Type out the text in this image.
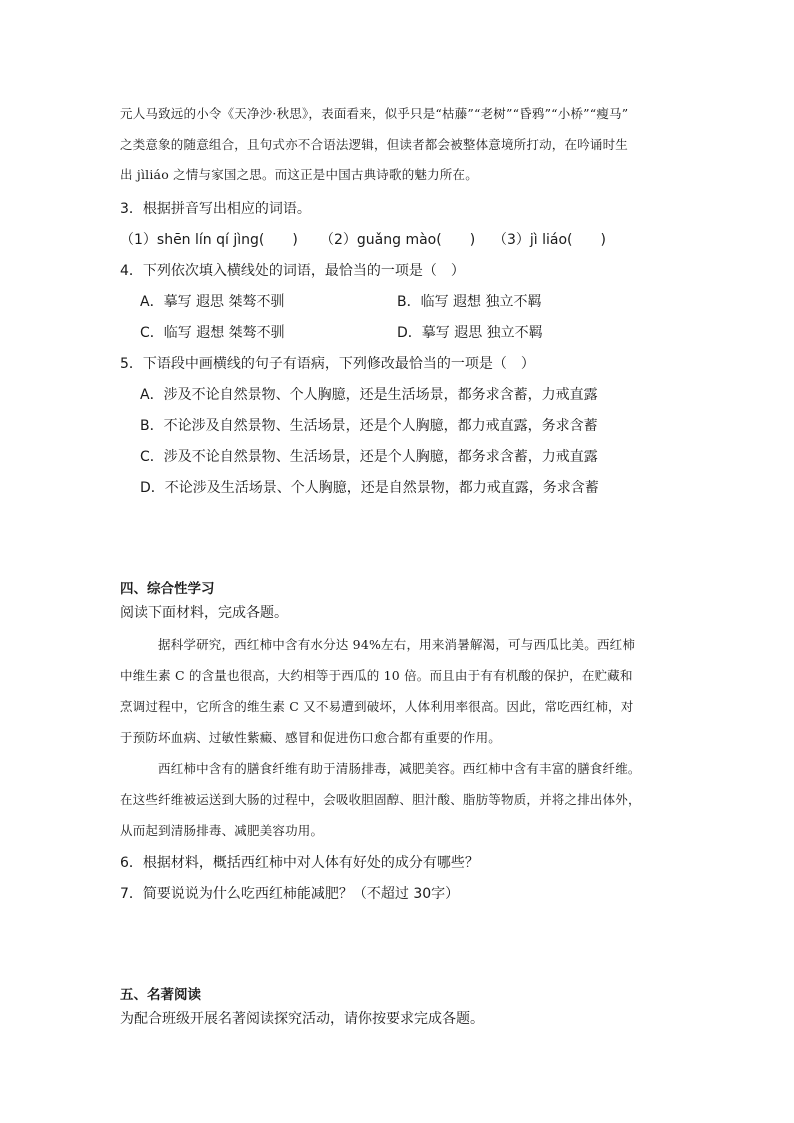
元人马致远的小令《天净沙·秋思》，表面看来，似乎只是“枯藤”“老树”“昏鸦”“小桥”“瘦马”
之类意象的随意组合，且句式亦不合语法逻辑，但读者都会被整体意境所打动，在吟诵时生
出 jìliáo 之情与家国之思。而这正是中国古典诗歌的魅力所在。
3．根据拼音写出相应的词语。
（1）shēn lín qí jìng(　　) （2）guǎng mào(　　) （3）jì liáo(　　)
4．下列依次填入横线处的词语，最恰当的一项是（　）
A．摹写 遐思 桀骜不驯	B．临写 遐想 独立不羁
C．临写 遐想 桀骜不驯	D．摹写 遐思 独立不羁
5．下语段中画横线的句子有语病，下列修改最恰当的一项是（　）
A．涉及不论自然景物、个人胸臆，还是生活场景，都务求含蓄，力戒直露
B．不论涉及自然景物、生活场景，还是个人胸臆，都力戒直露，务求含蓄
C．涉及不论自然景物、生活场景，还是个人胸臆，都务求含蓄，力戒直露
D．不论涉及生活场景、个人胸臆，还是自然景物，都力戒直露，务求含蓄
四、综合性学习
阅读下面材料，完成各题。
据科学研究，西红柿中含有水分达 94%左右，用来消暑解渴，可与西瓜比美。西红柿
中维生素 C 的含量也很高，大约相等于西瓜的 10 倍。而且由于有有机酸的保护，在贮藏和
烹调过程中，它所含的维生素 C 又不易遭到破坏，人体利用率很高。因此，常吃西红柿，对
于预防坏血病、过敏性紫癜、感冒和促进伤口愈合都有重要的作用。
西红柿中含有的膳食纤维有助于清肠排毒，减肥美容。西红柿中含有丰富的膳食纤维。
在这些纤维被运送到大肠的过程中，会吸收胆固醇、胆汁酸、脂肪等物质，并将之排出体外，
从而起到清肠排毒、减肥美容功用。
6．根据材料，概括西红柿中对人体有好处的成分有哪些？
7．简要说说为什么吃西红柿能减肥？（不超过 30字）
五、名著阅读
为配合班级开展名著阅读探究活动，请你按要求完成各题。
